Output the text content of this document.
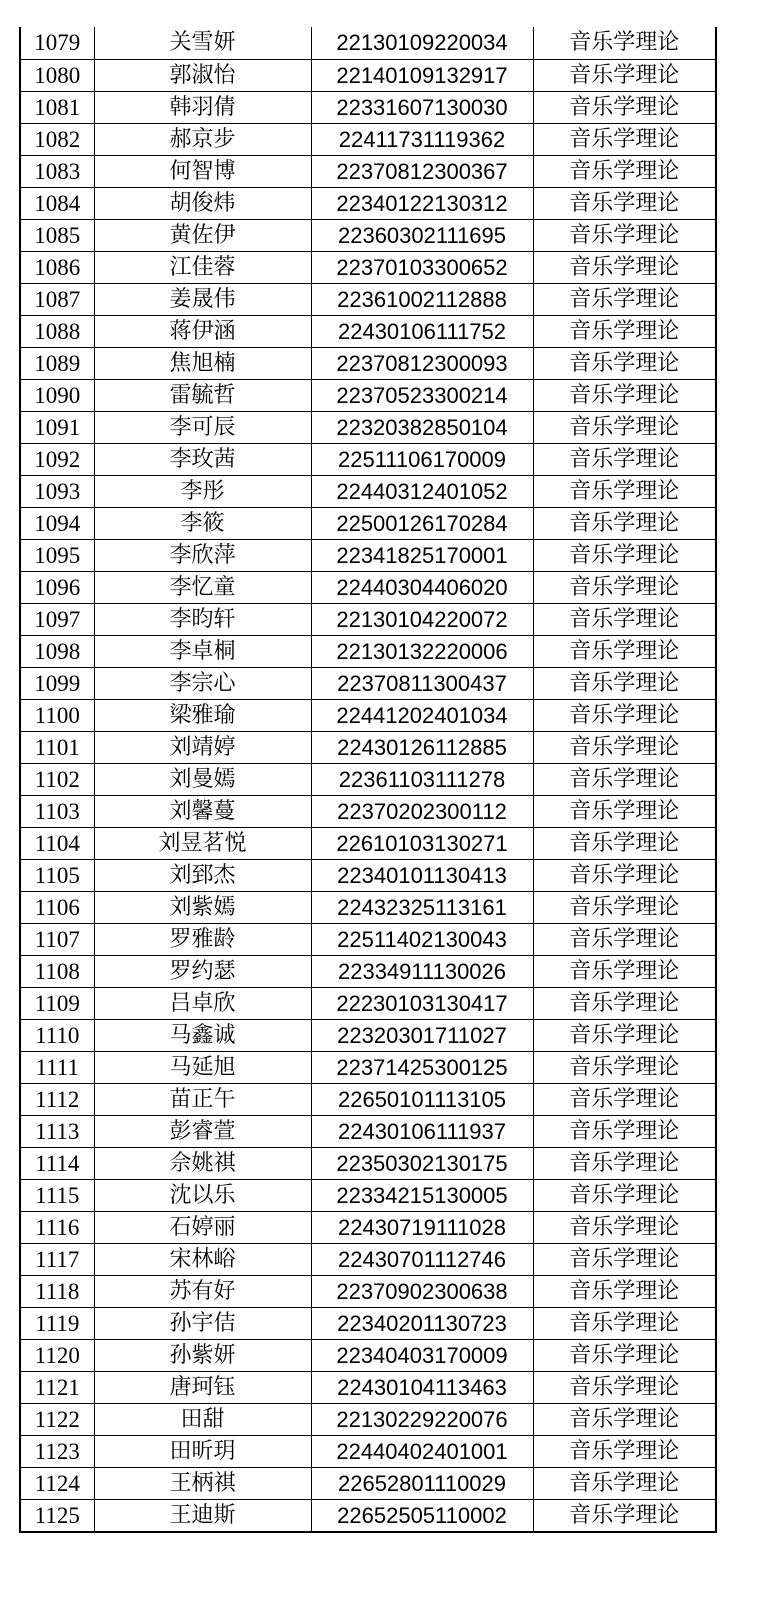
1079	关雪妍	22130109220034	音乐学理论
1080	郭淑怡	22140109132917	音乐学理论
1081	韩羽倩	22331607130030	音乐学理论
1082	郝京步	22411731119362	音乐学理论
1083	何智博	22370812300367	音乐学理论
1084	胡俊炜	22340122130312	音乐学理论
1085	黄佐伊	22360302111695	音乐学理论
1086	江佳蓉	22370103300652	音乐学理论
1087	姜晟伟	22361002112888	音乐学理论
1088	蒋伊涵	22430106111752	音乐学理论
1089	焦旭楠	22370812300093	音乐学理论
1090	雷毓哲	22370523300214	音乐学理论
1091	李可辰	22320382850104	音乐学理论
1092	李玫茜	22511106170009	音乐学理论
1093	李彤	22440312401052	音乐学理论
1094	李筱	22500126170284	音乐学理论
1095	李欣萍	22341825170001	音乐学理论
1096	李忆童	22440304406020	音乐学理论
1097	李昀轩	22130104220072	音乐学理论
1098	李卓桐	22130132220006	音乐学理论
1099	李宗心	22370811300437	音乐学理论
1100	梁雅瑜	22441202401034	音乐学理论
1101	刘靖婷	22430126112885	音乐学理论
1102	刘曼嫣	22361103111278	音乐学理论
1103	刘馨蔓	22370202300112	音乐学理论
1104	刘昱茗悦	22610103130271	音乐学理论
1105	刘郅杰	22340101130413	音乐学理论
1106	刘紫嫣	22432325113161	音乐学理论
1107	罗雅龄	22511402130043	音乐学理论
1108	罗约瑟	22334911130026	音乐学理论
1109	吕卓欣	22230103130417	音乐学理论
1110	马鑫诚	22320301711027	音乐学理论
1111	马延旭	22371425300125	音乐学理论
1112	苗正午	22650101113105	音乐学理论
1113	彭睿萱	22430106111937	音乐学理论
1114	佘姚祺	22350302130175	音乐学理论
1115	沈以乐	22334215130005	音乐学理论
1116	石婷丽	22430719111028	音乐学理论
1117	宋林峪	22430701112746	音乐学理论
1118	苏有好	22370902300638	音乐学理论
1119	孙宇佶	22340201130723	音乐学理论
1120	孙紫妍	22340403170009	音乐学理论
1121	唐珂钰	22430104113463	音乐学理论
1122	田甜	22130229220076	音乐学理论
1123	田昕玥	22440402401001	音乐学理论
1124	王柄祺	22652801110029	音乐学理论
1125	王迪斯	22652505110002	音乐学理论
